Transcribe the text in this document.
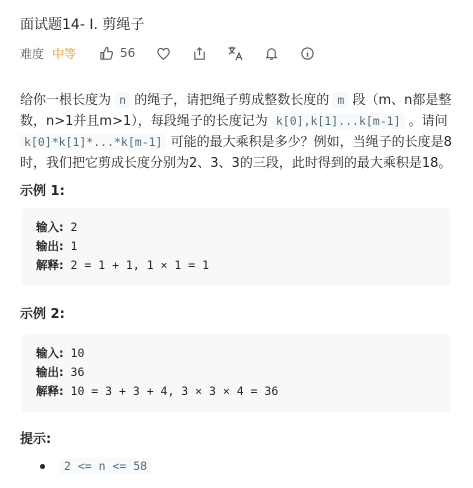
面试题14- I. 剪绳子
难度 中等	56
给你一根长度为 n 的绳子，请把绳子剪成整数长度的 m 段（m、n都是整数，n>1并且m>1），每段绳子的长度记为 k[0],k[1]...k[m-1] 。请问 k[0]*k[1]*...*k[m-1] 可能的最大乘积是多少？例如，当绳子的长度是8时，我们把它剪成长度分别为2、3、3的三段，此时得到的最大乘积是18。
示例 1:
输入: 2
输出: 1
解释: 2 = 1 + 1, 1 × 1 = 1
示例 2:
输入: 10
输出: 36
解释: 10 = 3 + 3 + 4, 3 × 3 × 4 = 36
提示:
2 <= n <= 58
